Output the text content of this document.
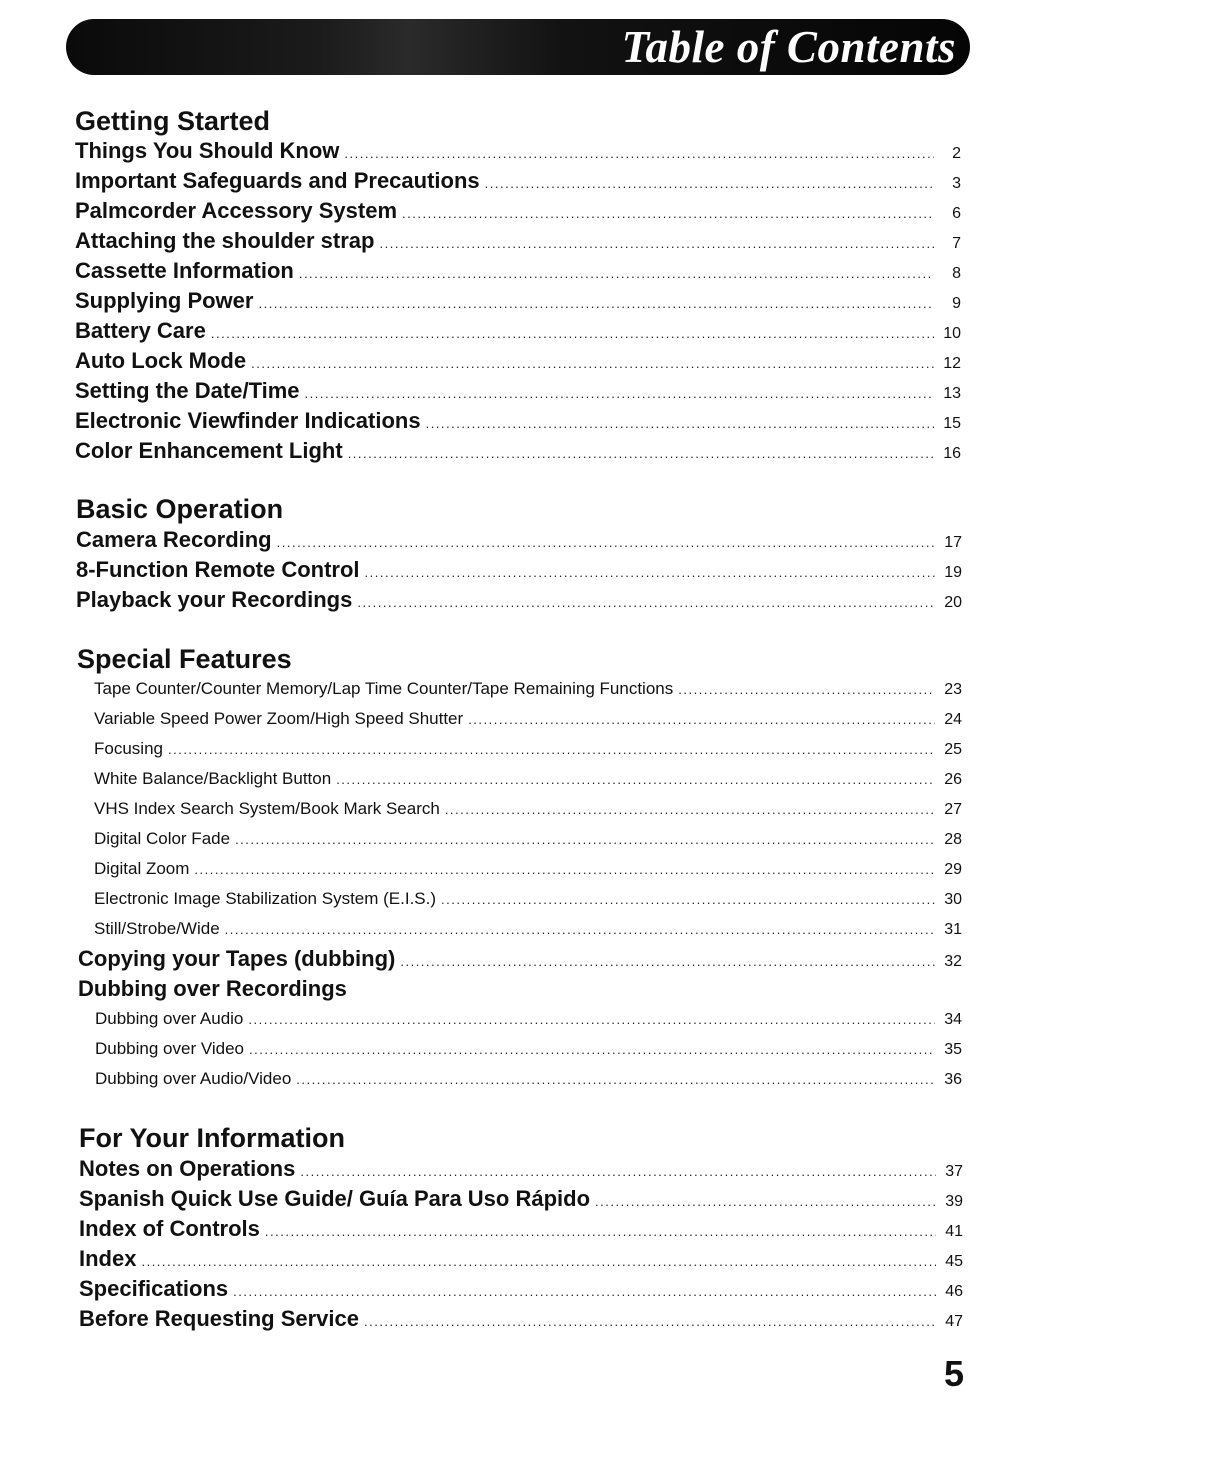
Table of Contents
Getting Started
Things You Should Know .....	2
Important Safeguards and Precautions .....	3
Palmcorder Accessory System .....	6
Attaching the shoulder strap .....	7
Cassette Information .....	8
Supplying Power .....	9
Battery Care .....	10
Auto Lock Mode .....	12
Setting the Date/Time .....	13
Electronic Viewfinder Indications .....	15
Color Enhancement Light .....	16
Basic Operation
Camera Recording .....	17
8-Function Remote Control .....	19
Playback your Recordings .....	20
Special Features
Tape Counter/Counter Memory/Lap Time Counter/Tape Remaining Functions .....	23
Variable Speed Power Zoom/High Speed Shutter .....	24
Focusing .....	25
White Balance/Backlight Button .....	26
VHS Index Search System/Book Mark Search .....	27
Digital Color Fade .....	28
Digital Zoom .....	29
Electronic Image Stabilization System (E.I.S.) .....	30
Still/Strobe/Wide .....	31
Copying your Tapes (dubbing) .....	32
Dubbing over Recordings
Dubbing over Audio .....	34
Dubbing over Video .....	35
Dubbing over Audio/Video .....	36
For Your Information
Notes on Operations .....	37
Spanish Quick Use Guide/ Guía Para Uso Rápido .....	39
Index of Controls .....	41
Index .....	45
Specifications .....	46
Before Requesting Service .....	47
5
